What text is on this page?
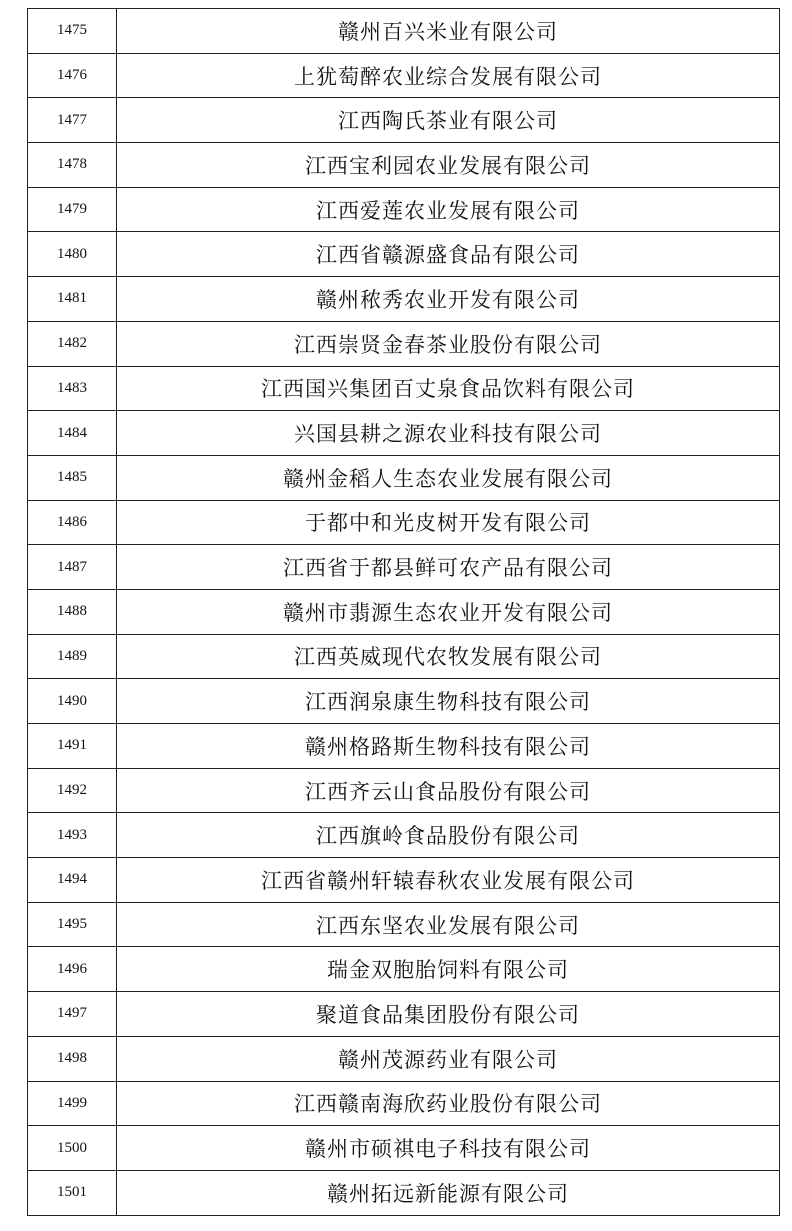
1475	赣州百兴米业有限公司
1476	上犹萄醉农业综合发展有限公司
1477	江西陶氏茶业有限公司
1478	江西宝利园农业发展有限公司
1479	江西爱莲农业发展有限公司
1480	江西省赣源盛食品有限公司
1481	赣州秾秀农业开发有限公司
1482	江西崇贤金春茶业股份有限公司
1483	江西国兴集团百丈泉食品饮料有限公司
1484	兴国县耕之源农业科技有限公司
1485	赣州金稻人生态农业发展有限公司
1486	于都中和光皮树开发有限公司
1487	江西省于都县鲜可农产品有限公司
1488	赣州市翡源生态农业开发有限公司
1489	江西英威现代农牧发展有限公司
1490	江西润泉康生物科技有限公司
1491	赣州格路斯生物科技有限公司
1492	江西齐云山食品股份有限公司
1493	江西旗岭食品股份有限公司
1494	江西省赣州轩辕春秋农业发展有限公司
1495	江西东坚农业发展有限公司
1496	瑞金双胞胎饲料有限公司
1497	聚道食品集团股份有限公司
1498	赣州茂源药业有限公司
1499	江西赣南海欣药业股份有限公司
1500	赣州市硕祺电子科技有限公司
1501	赣州拓远新能源有限公司
